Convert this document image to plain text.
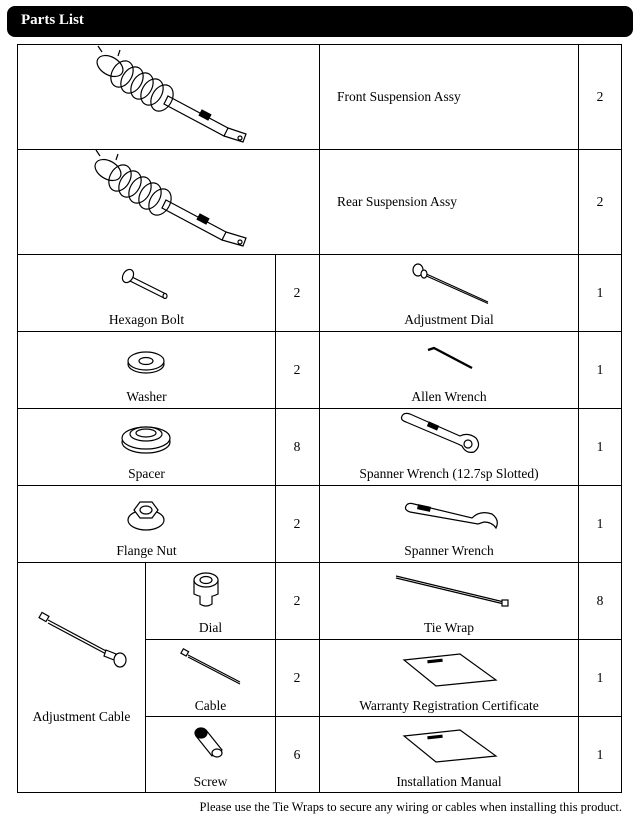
Parts List
Front Suspension Assy	2
Rear Suspension Assy	2
Hexagon Bolt
2
Adjustment Dial
1
Washer
2
Allen Wrench
1
Spacer
8
Spanner Wrench (12.7sp Slotted)
1
Flange Nut
2
Spanner Wrench
1
Adjustment Cable
Dial
2
Tie Wrap
8
Cable
2
Warranty Registration Certificate
1
Screw
6
Installation Manual
1
Please use the Tie Wraps to secure any wiring or cables when installing this product.
